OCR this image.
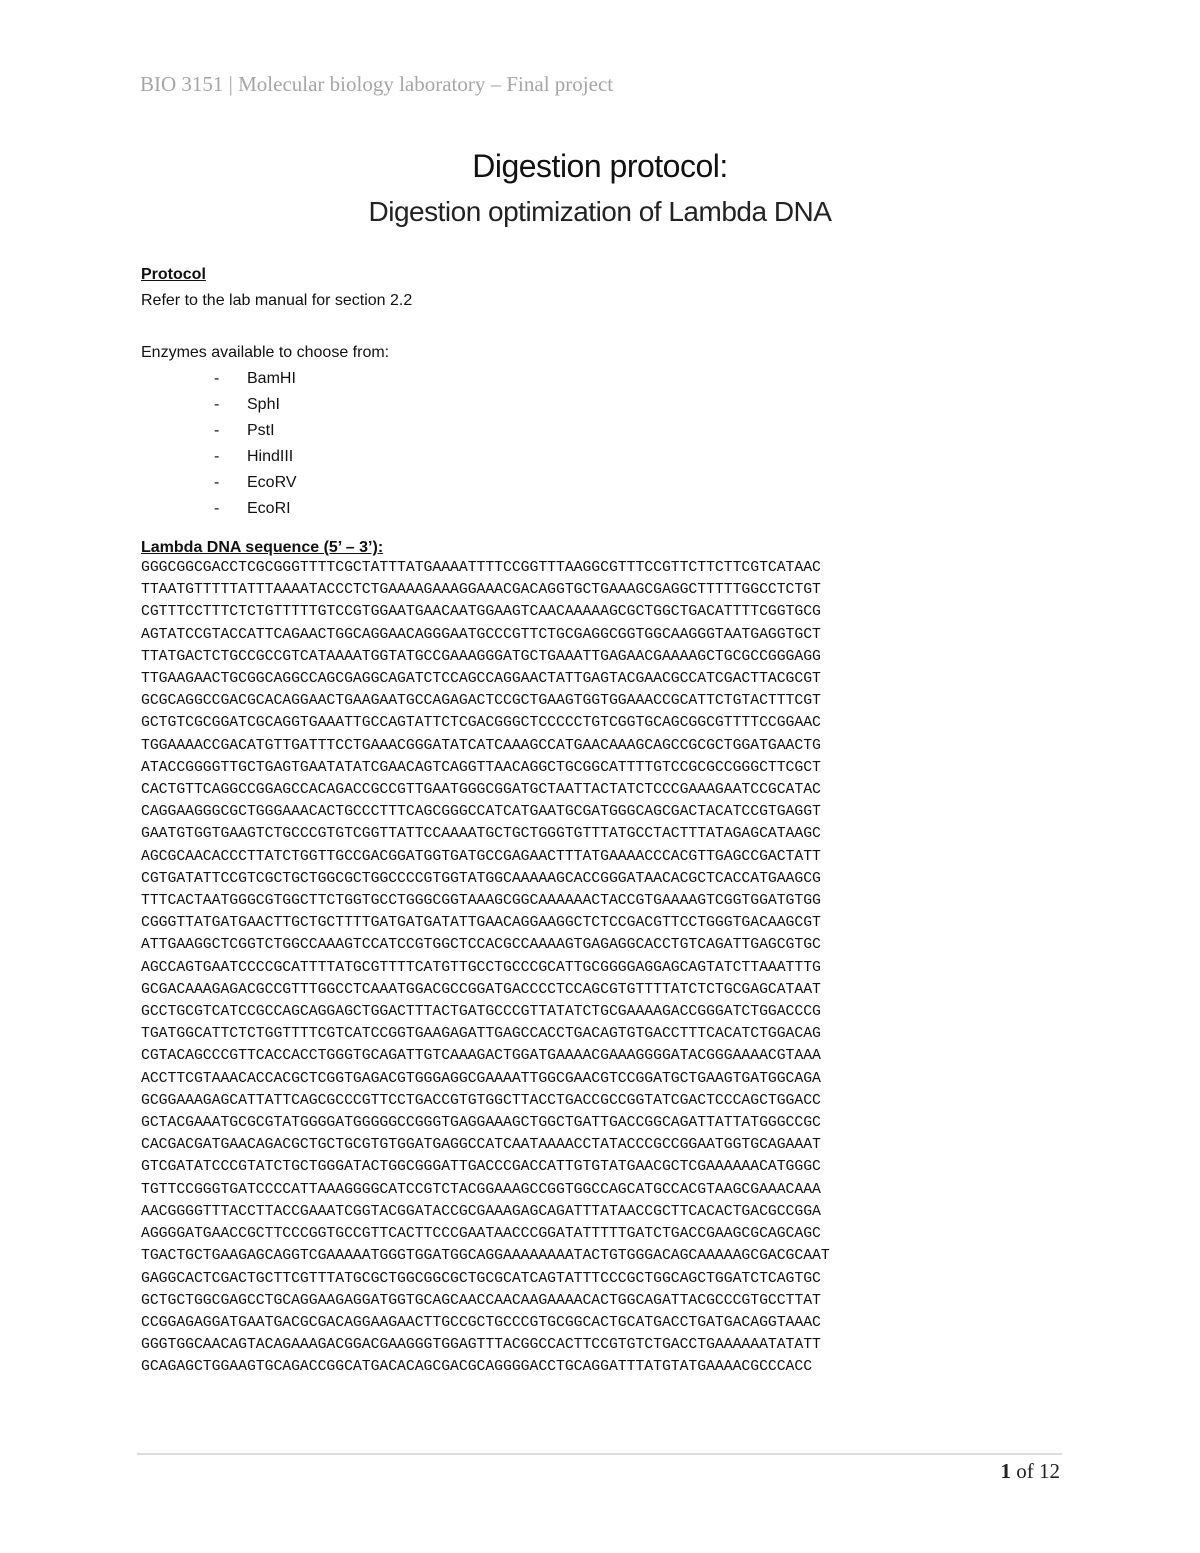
BIO 3151 | Molecular biology laboratory – Final project
Digestion protocol:
Digestion optimization of Lambda DNA
Protocol
Refer to the lab manual for section 2.2
Enzymes available to choose from:
- BamHI
- SphI
- PstI
- HindIII
- EcoRV
- EcoRI
Lambda DNA sequence (5’ – 3’):
GGGCGGCGACCTCGCGGGTTTTCGCTATTTATGAAAATTTTCCGGTTTAAGGCGTTTCCGTTCTTCTTCGTCATAAC
TTAATGTTTTTATTTAAAATACCCTCTGAAAAGAAAGGAAACGACAGGTGCTGAAAGCGAGGCTTTTTGGCCTCTGT
CGTTTCCTTTCTCTGTTTTTGTCCGTGGAATGAACAATGGAAGTCAACAAAAAGCGCTGGCTGACATTTTCGGTGCG
AGTATCCGTACCATTCAGAACTGGCAGGAACAGGGAATGCCCGTTCTGCGAGGCGGTGGCAAGGGTAATGAGGTGCT
TTATGACTCTGCCGCCGTCATAAAATGGTATGCCGAAAGGGATGCTGAAATTGAGAACGAAAAGCTGCGCCGGGAGG
TTGAAGAACTGCGGCAGGCCAGCGAGGCAGATCTCCAGCCAGGAACTATTGAGTACGAACGCCATCGACTTACGCGT
GCGCAGGCCGACGCACAGGAACTGAAGAATGCCAGAGACTCCGCTGAAGTGGTGGAAACCGCATTCTGTACTTTCGT
GCTGTCGCGGATCGCAGGTGAAATTGCCAGTATTCTCGACGGGCTCCCCCTGTCGGTGCAGCGGCGTTTTCCGGAAC
TGGAAAACCGACATGTTGATTTCCTGAAACGGGATATCATCAAAGCCATGAACAAAGCAGCCGCGCTGGATGAACTG
ATACCGGGGTTGCTGAGTGAATATATCGAACAGTCAGGTTAACAGGCTGCGGCATTTTGTCCGCGCCGGGCTTCGCT
CACTGTTCAGGCCGGAGCCACAGACCGCCGTTGAATGGGCGGATGCTAATTACTATCTCCCGAAAGAATCCGCATAC
CAGGAAGGGCGCTGGGAAACACTGCCCTTTCAGCGGGCCATCATGAATGCGATGGGCAGCGACTACATCCGTGAGGT
GAATGTGGTGAAGTCTGCCCGTGTCGGTTATTCCAAAATGCTGCTGGGTGTTTATGCCTACTTTATAGAGCATAAGC
AGCGCAACACCCTTATCTGGTTGCCGACGGATGGTGATGCCGAGAACTTTATGAAAACCCACGTTGAGCCGACTATT
CGTGATATTCCGTCGCTGCTGGCGCTGGCCCCGTGGTATGGCAAAAAGCACCGGGATAACACGCTCACCATGAAGCG
TTTCACTAATGGGCGTGGCTTCTGGTGCCTGGGCGGTAAAGCGGCAAAAAACTACCGTGAAAAGTCGGTGGATGTGG
CGGGTTATGATGAACTTGCTGCTTTTGATGATGATATTGAACAGGAAGGCTCTCCGACGTTCCTGGGTGACAAGCGT
ATTGAAGGCTCGGTCTGGCCAAAGTCCATCCGTGGCTCCACGCCAAAAGTGAGAGGCACCTGTCAGATTGAGCGTGC
AGCCAGTGAATCCCCGCATTTTATGCGTTTTCATGTTGCCTGCCCGCATTGCGGGGAGGAGCAGTATCTTAAATTTG
GCGACAAAGAGACGCCGTTTGGCCTCAAATGGACGCCGGATGACCCCTCCAGCGTGTTTTATCTCTGCGAGCATAAT
GCCTGCGTCATCCGCCAGCAGGAGCTGGACTTTACTGATGCCCGTTATATCTGCGAAAAGACCGGGATCTGGACCCG
TGATGGCATTCTCTGGTTTTCGTCATCCGGTGAAGAGATTGAGCCACCTGACAGTGTGACCTTTCACATCTGGACAG
CGTACAGCCCGTTCACCACCTGGGTGCAGATTGTCAAAGACTGGATGAAAACGAAAGGGGATACGGGAAAACGTAAA
ACCTTCGTAAACACCACGCTCGGTGAGACGTGGGAGGCGAAAATTGGCGAACGTCCGGATGCTGAAGTGATGGCAGA
GCGGAAAGAGCATTATTCAGCGCCCGTTCCTGACCGTGTGGCTTACCTGACCGCCGGTATCGACTCCCAGCTGGACC
GCTACGAAATGCGCGTATGGGGATGGGGGCCGGGTGAGGAAAGCTGGCTGATTGACCGGCAGATTATTATGGGCCGC
CACGACGATGAACAGACGCTGCTGCGTGTGGATGAGGCCATCAATAAAACCTATACCCGCCGGAATGGTGCAGAAAT
GTCGATATCCCGTATCTGCTGGGATACTGGCGGGATTGACCCGACCATTGTGTATGAACGCTCGAAAAAACATGGGC
TGTTCCGGGTGATCCCCATTAAAGGGGCATCCGTCTACGGAAAGCCGGTGGCCAGCATGCCACGTAAGCGAAACAAA
AACGGGGTTTACCTTACCGAAATCGGTACGGATACCGCGAAAGAGCAGATTTATAACCGCTTCACACTGACGCCGGA
AGGGGATGAACCGCTTCCCGGTGCCGTTCACTTCCCGAATAACCCGGATATTTTTGATCTGACCGAAGCGCAGCAGC
TGACTGCTGAAGAGCAGGTCGAAAAATGGGTGGATGGCAGGAAAAAAAATACTGTGGGACAGCAAAAAGCGACGCAAT
GAGGCACTCGACTGCTTCGTTTATGCGCTGGCGGCGCTGCGCATCAGTATTTCCCGCTGGCAGCTGGATCTCAGTGC
GCTGCTGGCGAGCCTGCAGGAAGAGGATGGTGCAGCAACCAACAAGAAAACACTGGCAGATTACGCCCGTGCCTTAT
CCGGAGAGGATGAATGACGCGACAGGAAGAACTTGCCGCTGCCCGTGCGGCACTGCATGACCTGATGACAGGTAAAC
GGGTGGCAACAGTACAGAAAGACGGACGAAGGGTGGAGTTTACGGCCACTTCCGTGTCTGACCTGAAAAAATATATT
GCAGAGCTGGAAGTGCAGACCGGCATGACACAGCGACGCAGGGGACCTGCAGGATTTATGTATGAAAACGCCCACC
1 of 12
